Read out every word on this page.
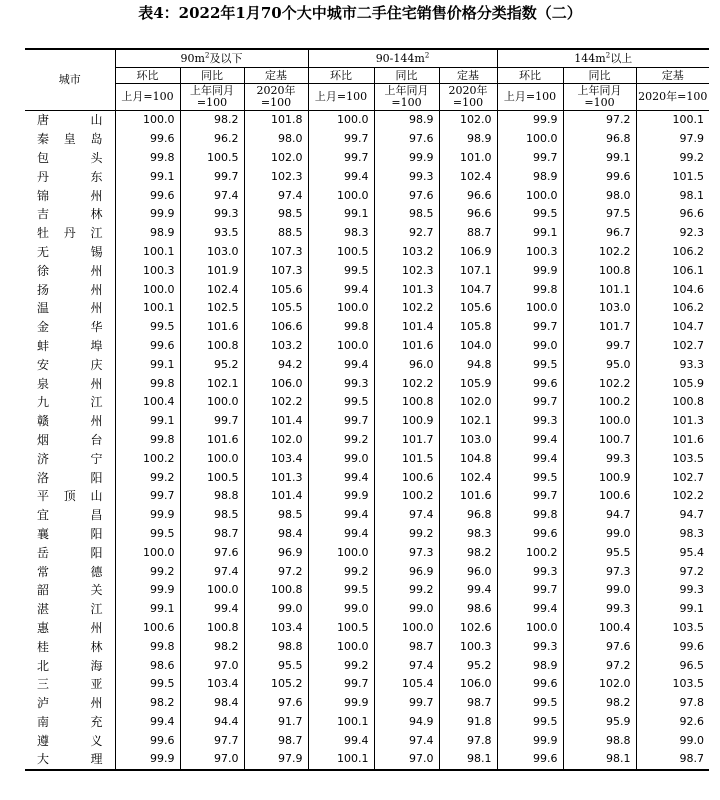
表4：2022年1月70个大中城市二手住宅销售价格分类指数（二）
城市	$90m^2$及以下			$90-144m^2$			$144m^2$以上		
	环比	同比	定基	环比	同比	定基	环比	同比	定基
	上月=100	上年同月=100	2020年=100	上月=100	上年同月=100	2020年=100	上月=100	上年同月=100	2020年=100
唐山	100.0	98.2	101.8	100.0	98.9	102.0	99.9	97.2	100.1
秦皇岛	99.6	96.2	98.0	99.7	97.6	98.9	100.0	96.8	97.9
包头	99.8	100.5	102.0	99.7	99.9	101.0	99.7	99.1	99.2
丹东	99.1	99.7	102.3	99.4	99.3	102.4	98.9	99.6	101.5
锦州	99.6	97.4	97.4	100.0	97.6	96.6	100.0	98.0	98.1
吉林	99.9	99.3	98.5	99.1	98.5	96.6	99.5	97.5	96.6
牡丹江	98.9	93.5	88.5	98.3	92.7	88.7	99.1	96.7	92.3
无锡	100.1	103.0	107.3	100.5	103.2	106.9	100.3	102.2	106.2
徐州	100.3	101.9	107.3	99.5	102.3	107.1	99.9	100.8	106.1
扬州	100.0	102.4	105.6	99.4	101.3	104.7	99.8	101.1	104.6
温州	100.1	102.5	105.5	100.0	102.2	105.6	100.0	103.0	106.2
金华	99.5	101.6	106.6	99.8	101.4	105.8	99.7	101.7	104.7
蚌埠	99.6	100.8	103.2	100.0	101.6	104.0	99.0	99.7	102.7
安庆	99.1	95.2	94.2	99.4	96.0	94.8	99.5	95.0	93.3
泉州	99.8	102.1	106.0	99.3	102.2	105.9	99.6	102.2	105.9
九江	100.4	100.0	102.2	99.5	100.8	102.0	99.7	100.2	100.8
赣州	99.1	99.7	101.4	99.7	100.9	102.1	99.3	100.0	101.3
烟台	99.8	101.6	102.0	99.2	101.7	103.0	99.4	100.7	101.6
济宁	100.2	100.0	103.4	99.0	101.5	104.8	99.4	99.3	103.5
洛阳	99.2	100.5	101.3	99.4	100.6	102.4	99.5	100.9	102.7
平顶山	99.7	98.8	101.4	99.9	100.2	101.6	99.7	100.6	102.2
宜昌	99.9	98.5	98.5	99.4	97.4	96.8	99.8	94.7	94.7
襄阳	99.5	98.7	98.4	99.4	99.2	98.3	99.6	99.0	98.3
岳阳	100.0	97.6	96.9	100.0	97.3	98.2	100.2	95.5	95.4
常德	99.2	97.4	97.2	99.2	96.9	96.0	99.3	97.3	97.2
韶关	99.9	100.0	100.8	99.5	99.2	99.4	99.7	99.0	99.3
湛江	99.1	99.4	99.0	99.0	99.0	98.6	99.4	99.3	99.1
惠州	100.6	100.8	103.4	100.5	100.0	102.6	100.0	100.4	103.5
桂林	99.8	98.2	98.8	100.0	98.7	100.3	99.3	97.6	99.6
北海	98.6	97.0	95.5	99.2	97.4	95.2	98.9	97.2	96.5
三亚	99.5	103.4	105.2	99.7	105.4	106.0	99.6	102.0	103.5
泸州	98.2	98.4	97.6	99.9	99.7	98.7	99.5	98.2	97.8
南充	99.4	94.4	91.7	100.1	94.9	91.8	99.5	95.9	92.6
遵义	99.6	97.7	98.7	99.4	97.4	97.8	99.9	98.8	99.0
大理	99.9	97.0	97.9	100.1	97.0	98.1	99.6	98.1	98.7
